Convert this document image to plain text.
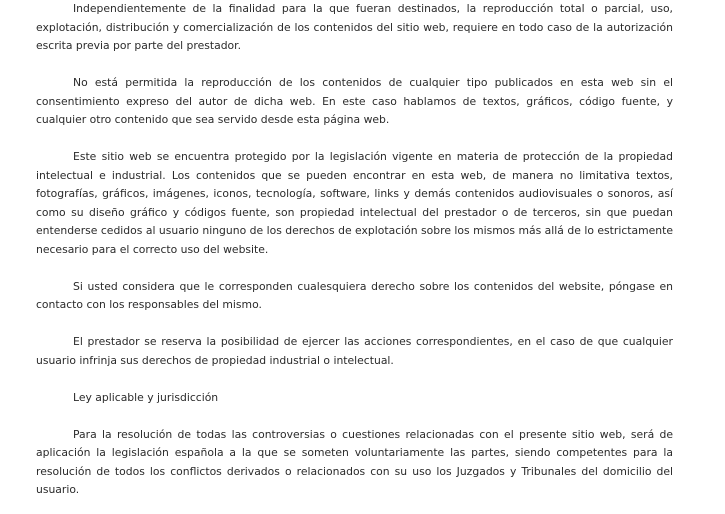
Independientemente de la finalidad para la que fueran destinados, la reproducción total o parcial, uso, explotación, distribución y comercialización de los contenidos del sitio web, requiere en todo caso de la autorización escrita previa por parte del prestador.

No está permitida la reproducción de los contenidos de cualquier tipo publicados en esta web sin el consentimiento expreso del autor de dicha web. En este caso hablamos de textos, gráficos, código fuente, y cualquier otro contenido que sea servido desde esta página web.

Este sitio web se encuentra protegido por la legislación vigente en materia de protección de la propiedad intelectual e industrial. Los contenidos que se pueden encontrar en esta web, de manera no limitativa textos, fotografías, gráficos, imágenes, iconos, tecnología, software, links y demás contenidos audiovisuales o sonoros, así como su diseño gráfico y códigos fuente, son propiedad intelectual del prestador o de terceros, sin que puedan entenderse cedidos al usuario ninguno de los derechos de explotación sobre los mismos más allá de lo estrictamente necesario para el correcto uso del website.

Si usted considera que le corresponden cualesquiera derecho sobre los contenidos del website, póngase en contacto con los responsables del mismo.

El prestador se reserva la posibilidad de ejercer las acciones correspondientes, en el caso de que cualquier usuario infrinja sus derechos de propiedad industrial o intelectual.

Ley aplicable y jurisdicción

Para la resolución de todas las controversias o cuestiones relacionadas con el presente sitio web, será de aplicación la legislación española a la que se someten voluntariamente las partes, siendo competentes para la resolución de todos los conflictos derivados o relacionados con su uso los Juzgados y Tribunales del domicilio del usuario.
